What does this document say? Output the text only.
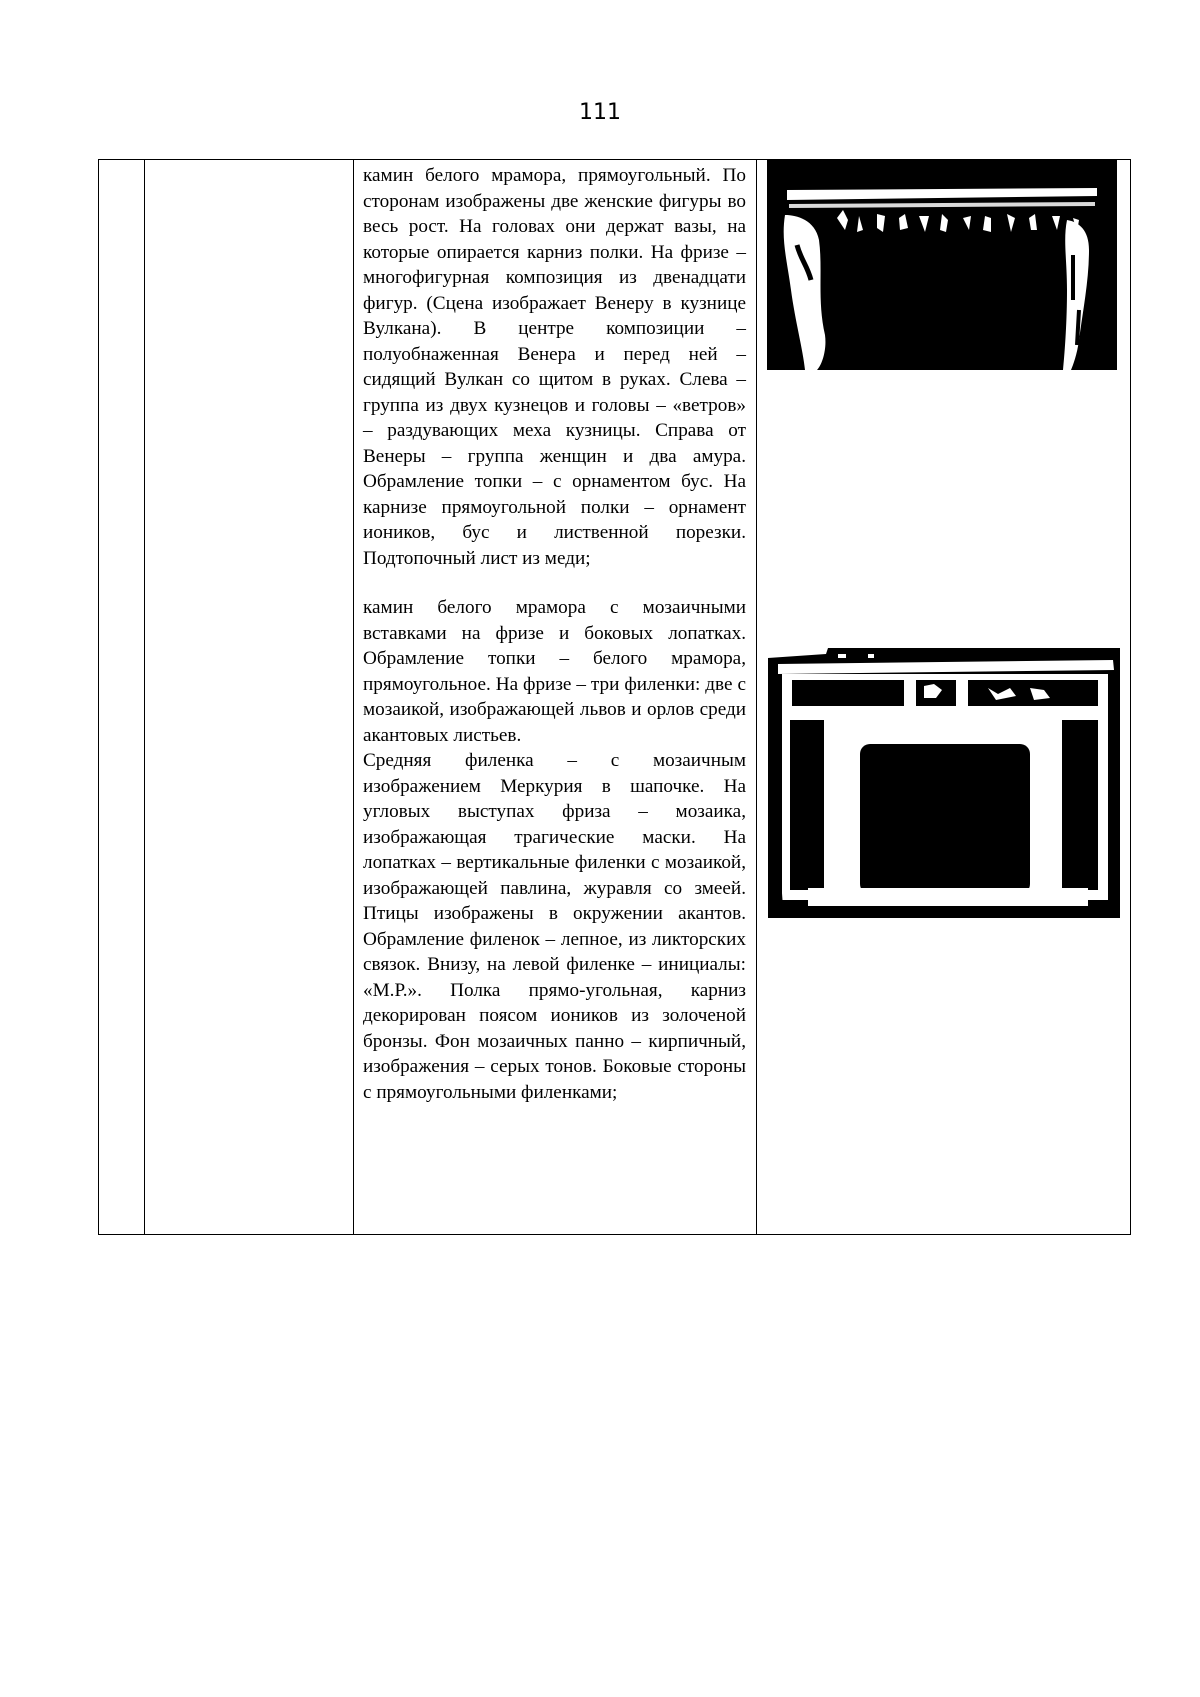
111

камин белого мрамора, прямоугольный. По сторонам изображены две женские фигуры во весь рост. На головах они держат вазы, на которые опирается карниз полки. На фризе – многофигурная композиция из двенадцати фигур. (Сцена изображает Венеру в кузнице Вулкана). В центре композиции – полуобнаженная Венера и перед ней – сидящий Вулкан со щитом в руках. Слева – группа из двух кузнецов и головы – «ветров» – раздувающих меха кузницы. Справа от Венеры – группа женщин и два амура. Обрамление топки – с орнаментом бус. На карнизе прямоугольной полки – орнамент иоников, бус и лиственной порезки. Подтопочный лист из меди;

камин белого мрамора с мозаичными вставками на фризе и боковых лопатках. Обрамление топки – белого мрамора, прямоугольное. На фризе – три филенки: две с мозаикой, изображающей львов и орлов среди акантовых листьев.

Средняя филенка – с мозаичным изображением Меркурия в шапочке. На угловых выступах фриза – мозаика, изображающая трагические маски. На лопатках – вертикальные филенки с мозаикой, изображающей павлина, журавля со змеей. Птицы изображены в окружении акантов. Обрамление филенок – лепное, из ликторских связок. Внизу, на левой филенке – инициалы: «М.Р.». Полка прямо-угольная, карниз декорирован поясом иоников из золоченой бронзы. Фон мозаичных панно – кирпичный, изображения – серых тонов. Боковые стороны с прямоугольными филенками;
